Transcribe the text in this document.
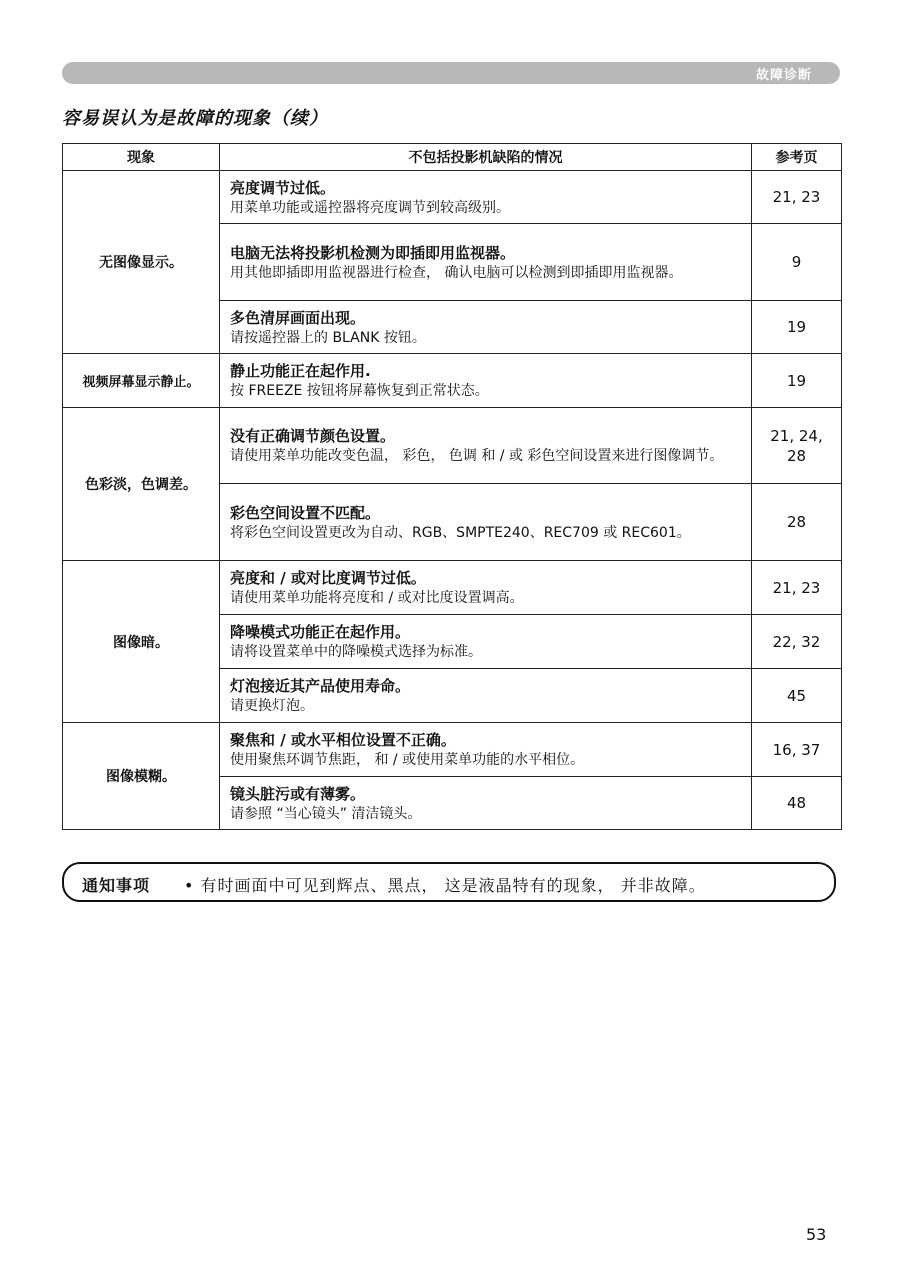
故障诊断
容易误认为是故障的现象（续）
现象	不包括投影机缺陷的情况	参考页
无图像显示。	亮度调节过低。
用菜单功能或遥控器将亮度调节到较高级别。	21, 23

	电脑无法将投影机检测为即插即用监视器。
用其他即插即用监视器进行检查， 确认电脑可以检测到即插即用监视器。	9

	多色清屏画面出现。
请按遥控器上的 BLANK 按钮。	19
视频屏幕显示静止。	静止功能正在起作用.
按 FREEZE 按钮将屏幕恢复到正常状态。	19
色彩淡，色调差。	没有正确调节颜色设置。
请使用菜单功能改变色温， 彩色， 色调 和 / 或 彩色空间设置来进行图像调节。	21, 24, 28

	彩色空间设置不匹配。
将彩色空间设置更改为自动、RGB、SMPTE240、REC709 或 REC601。	28
图像暗。	亮度和 / 或对比度调节过低。
请使用菜单功能将亮度和 / 或对比度设置调高。	21, 23

	降噪模式功能正在起作用。
请将设置菜单中的降噪模式选择为标准。	22, 32

	灯泡接近其产品使用寿命。
请更换灯泡。	45
图像模糊。	聚焦和 / 或水平相位设置不正确。
使用聚焦环调节焦距， 和 / 或使用菜单功能的水平相位。	16, 37

	镜头脏污或有薄雾。
请参照 “当心镜头” 清洁镜头。	48
通知事项 • 有时画面中可见到辉点、黑点， 这是液晶特有的现象， 并非故障。
53
